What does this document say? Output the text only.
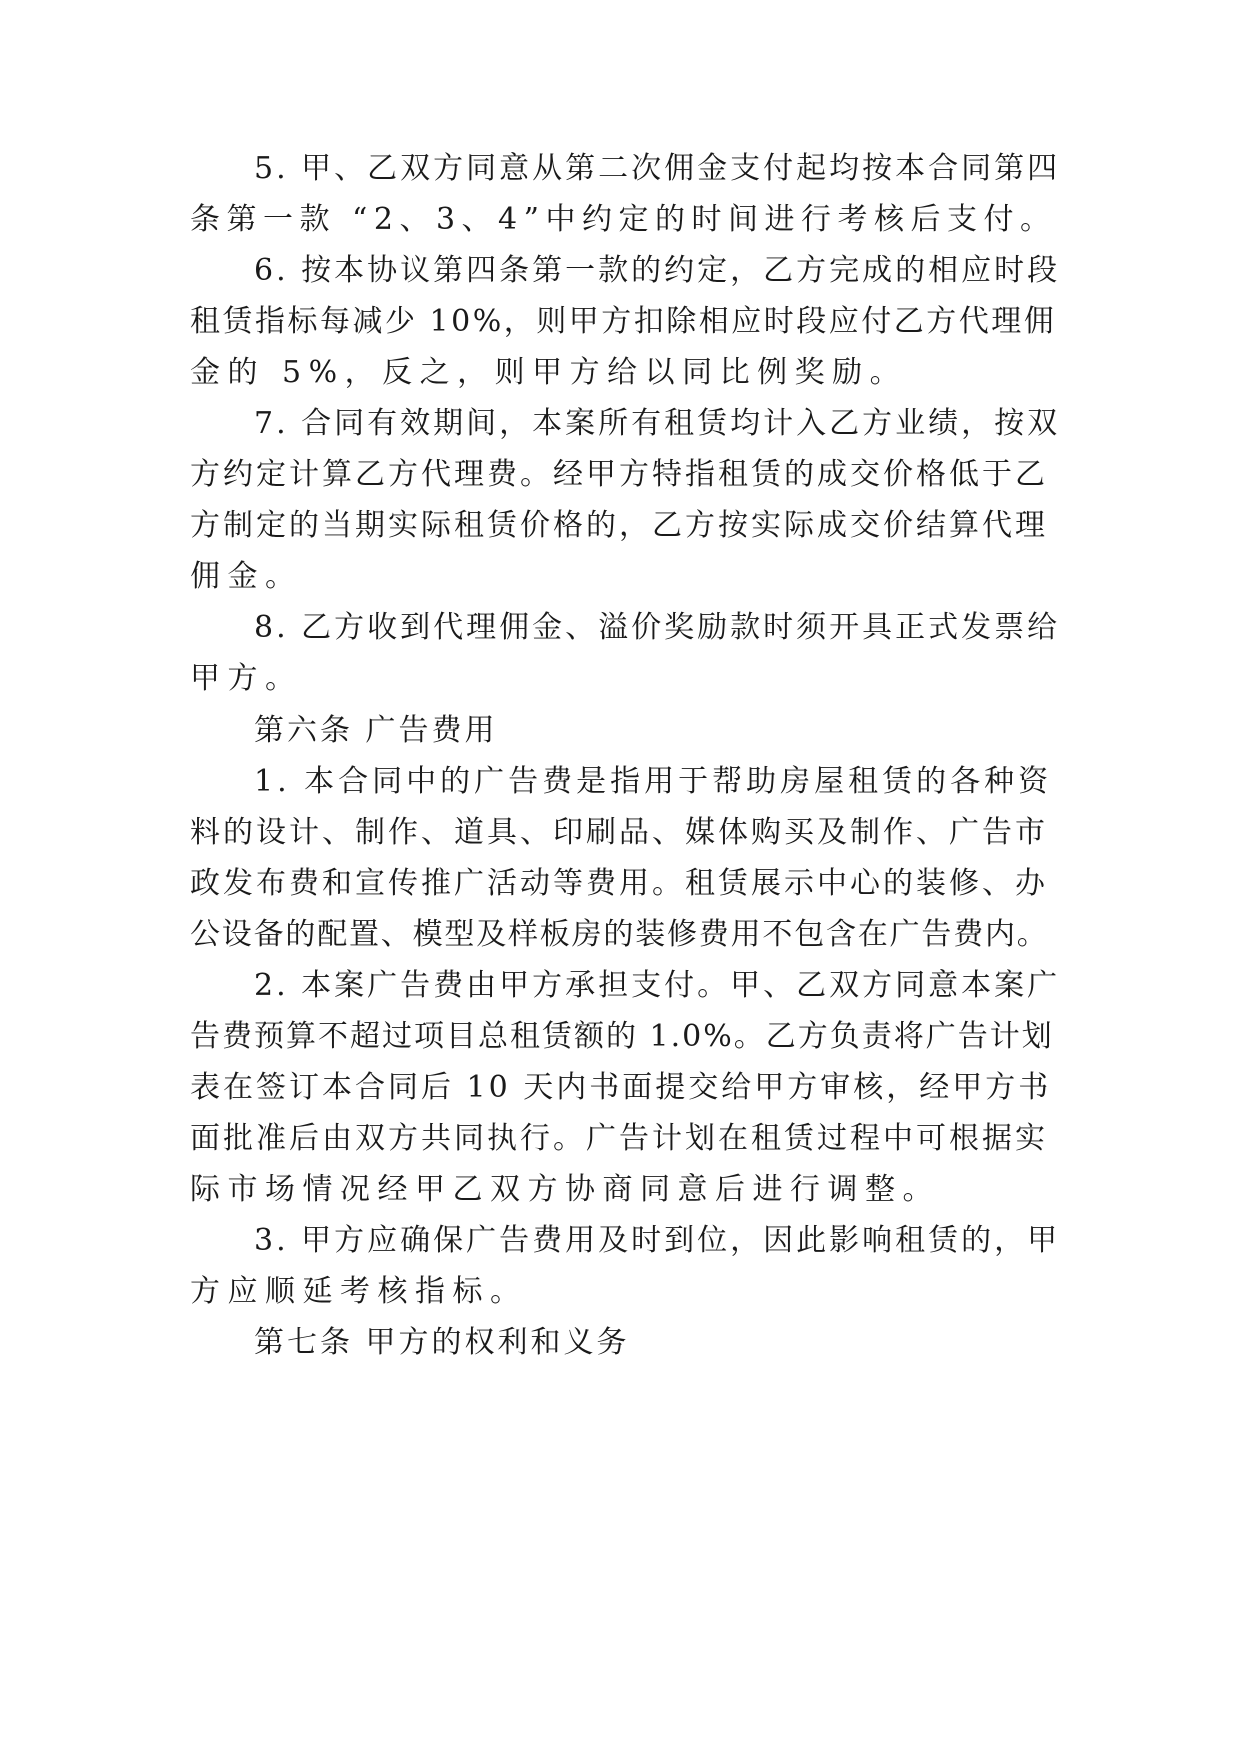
5. 甲、乙双方同意从第二次佣金支付起均按本合同第四
条第一款 “2、3、4”中约定的时间进行考核后支付。
6. 按本协议第四条第一款的约定，乙方完成的相应时段
租赁指标每减少 10%，则甲方扣除相应时段应付乙方代理佣
金的 5%，反之，则甲方给以同比例奖励。
7. 合同有效期间，本案所有租赁均计入乙方业绩，按双
方约定计算乙方代理费。经甲方特指租赁的成交价格低于乙
方制定的当期实际租赁价格的，乙方按实际成交价结算代理
佣金。
8. 乙方收到代理佣金、溢价奖励款时须开具正式发票给
甲方。
第六条 广告费用
1. 本合同中的广告费是指用于帮助房屋租赁的各种资
料的设计、制作、道具、印刷品、媒体购买及制作、广告市
政发布费和宣传推广活动等费用。租赁展示中心的装修、办
公设备的配置、模型及样板房的装修费用不包含在广告费内。
2. 本案广告费由甲方承担支付。甲、乙双方同意本案广
告费预算不超过项目总租赁额的 1.0%。乙方负责将广告计划
表在签订本合同后 10 天内书面提交给甲方审核，经甲方书
面批准后由双方共同执行。广告计划在租赁过程中可根据实
际市场情况经甲乙双方协商同意后进行调整。
3. 甲方应确保广告费用及时到位，因此影响租赁的，甲
方应顺延考核指标。
第七条 甲方的权利和义务
